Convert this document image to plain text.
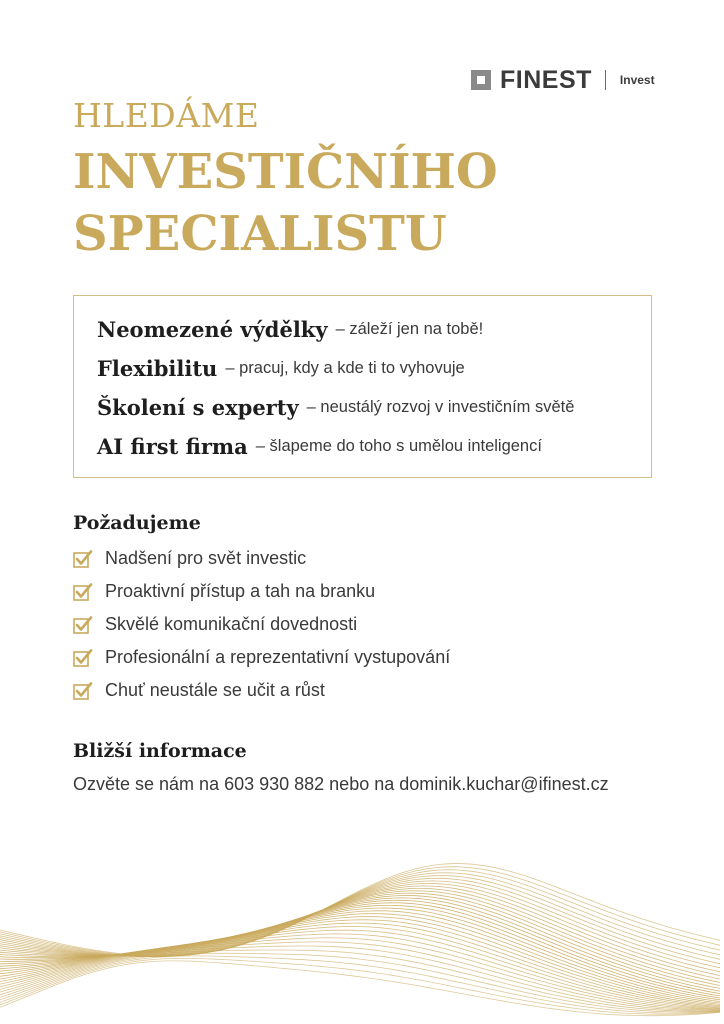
FINEST Invest
HLEDÁME
INVESTIČNÍHO
SPECIALISTU
Neomezené výdělky – záleží jen na tobě!
Flexibilitu – pracuj, kdy a kde ti to vyhovuje
Školení s experty – neustálý rozvoj v investičním světě
AI first firma – šlapeme do toho s umělou inteligencí
Požadujeme
Nadšení pro svět investic
Proaktivní přístup a tah na branku
Skvělé komunikační dovednosti
Profesionální a reprezentativní vystupování
Chuť neustále se učit a růst
Bližší informace
Ozvěte se nám na 603 930 882 nebo na dominik.kuchar@ifinest.cz
